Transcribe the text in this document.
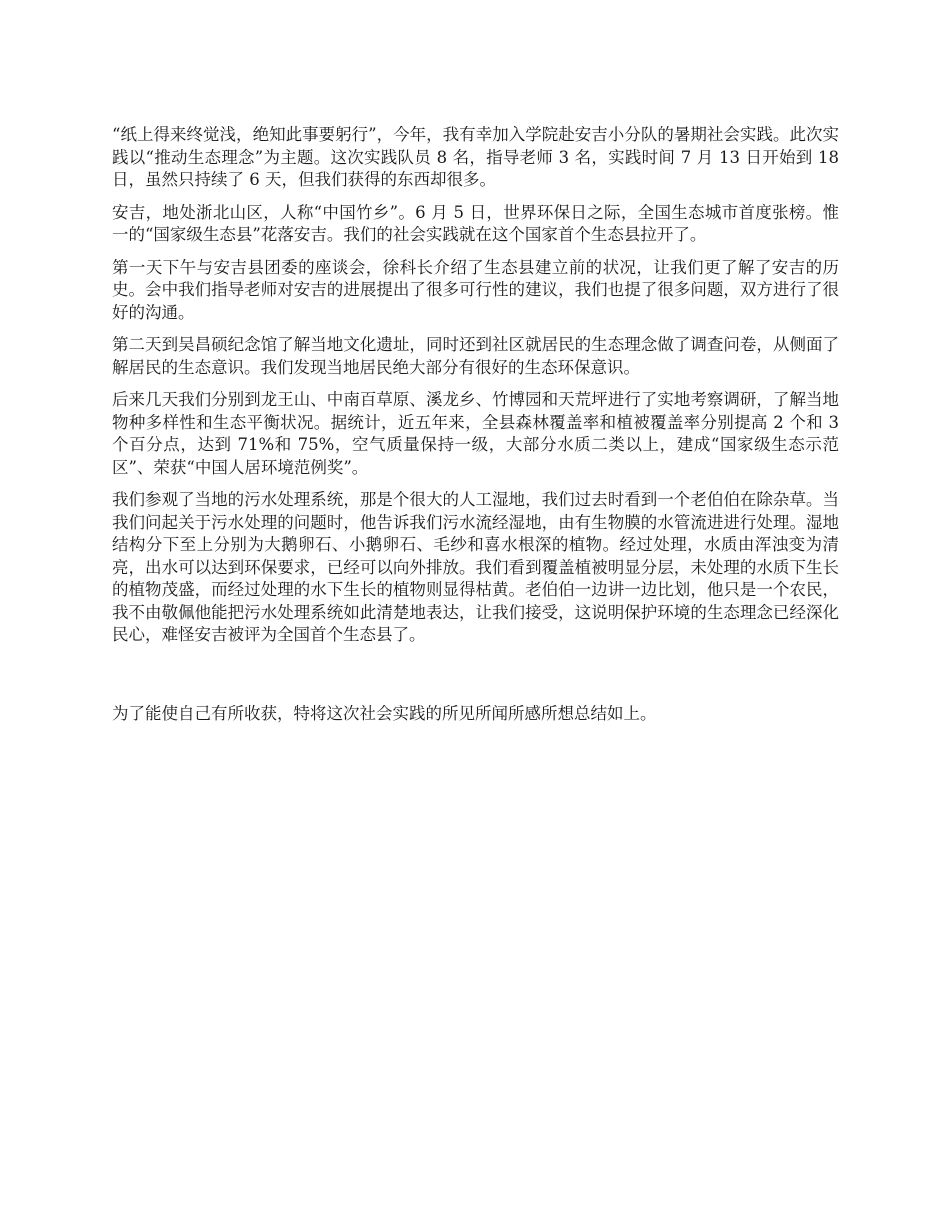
“纸上得来终觉浅，绝知此事要躬行”，今年，我有幸加入学院赴安吉小分队的暑期社会实践。此次实践以“推动生态理念”为主题。这次实践队员 8 名，指导老师 3 名，实践时间 7 月 13 日开始到 18 日，虽然只持续了 6 天，但我们获得的东西却很多。

安吉，地处浙北山区，人称“中国竹乡”。6 月 5 日，世界环保日之际，全国生态城市首度张榜。惟一的“国家级生态县”花落安吉。我们的社会实践就在这个国家首个生态县拉开了。

第一天下午与安吉县团委的座谈会，徐科长介绍了生态县建立前的状况，让我们更了解了安吉的历史。会中我们指导老师对安吉的进展提出了很多可行性的建议，我们也提了很多问题，双方进行了很好的沟通。

第二天到吴昌硕纪念馆了解当地文化遗址，同时还到社区就居民的生态理念做了调查问卷，从侧面了解居民的生态意识。我们发现当地居民绝大部分有很好的生态环保意识。

后来几天我们分别到龙王山、中南百草原、溪龙乡、竹博园和天荒坪进行了实地考察调研，了解当地物种多样性和生态平衡状况。据统计，近五年来，全县森林覆盖率和植被覆盖率分别提高 2 个和 3 个百分点，达到 71%和 75%，空气质量保持一级，大部分水质二类以上，建成“国家级生态示范区”、荣获“中国人居环境范例奖”。

我们参观了当地的污水处理系统，那是个很大的人工湿地，我们过去时看到一个老伯伯在除杂草。当我们问起关于污水处理的问题时，他告诉我们污水流经湿地，由有生物膜的水管流进进行处理。湿地结构分下至上分别为大鹅卵石、小鹅卵石、毛纱和喜水根深的植物。经过处理，水质由浑浊变为清亮，出水可以达到环保要求，已经可以向外排放。我们看到覆盖植被明显分层，未处理的水质下生长的植物茂盛，而经过处理的水下生长的植物则显得枯黄。老伯伯一边讲一边比划，他只是一个农民，我不由敬佩他能把污水处理系统如此清楚地表达，让我们接受，这说明保护环境的生态理念已经深化民心，难怪安吉被评为全国首个生态县了。

为了能使自己有所收获，特将这次社会实践的所见所闻所感所想总结如上。
